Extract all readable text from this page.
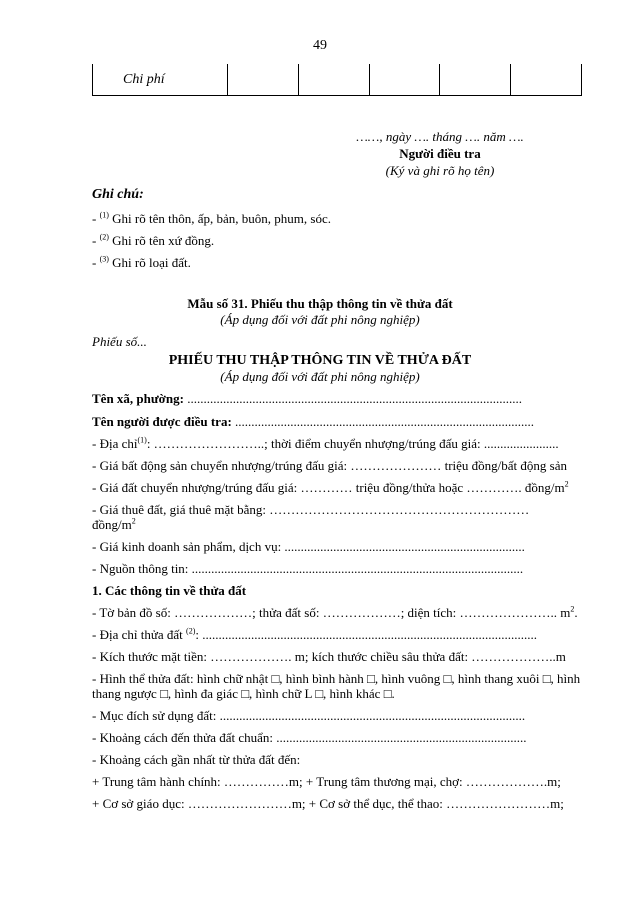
49
Chi phí					
……, ngày …. tháng …. năm ….
Người điều tra
(Ký và ghi rõ họ tên)
Ghi chú:
- $^{(1)}$ Ghi rõ tên thôn, ấp, bản, buôn, phum, sóc.
- $^{(2)}$ Ghi rõ tên xứ đồng.
- $^{(3)}$ Ghi rõ loại đất.
Mẫu số 31. Phiếu thu thập thông tin về thửa đất
(Áp dụng đối với đất phi nông nghiệp)
Phiếu số...
PHIẾU THU THẬP THÔNG TIN VỀ THỬA ĐẤT
(Áp dụng đối với đất phi nông nghiệp)
Tên xã, phường: .......................................................................................................
Tên người được điều tra: ............................................................................................
- Địa chỉ$^{(1)}$: ……………………..; thời điểm chuyển nhượng/trúng đấu giá: .......................
- Giá bất động sản chuyển nhượng/trúng đấu giá: ………………… triệu đồng/bất động sản
- Giá đất chuyển nhượng/trúng đấu giá: ………… triệu đồng/thửa hoặc …………. đồng/$m^2$
- Giá thuê đất, giá thuê mặt bằng: ……………………………………………………
đồng/$m^2$
- Giá kinh doanh sản phẩm, dịch vụ: ..........................................................................
- Nguồn thông tin: ......................................................................................................
1. Các thông tin về thửa đất
- Tờ bản đồ số: ………………; thửa đất số: ………………; diện tích: ………………….. $m^2$.
- Địa chỉ thửa đất $^{(2)}$: .......................................................................................................
- Kích thước mặt tiền: ………………. m; kích thước chiều sâu thửa đất: ………………..m
- Hình thể thửa đất: hình chữ nhật □, hình bình hành □, hình vuông □, hình thang xuôi □, hình
thang ngược □, hình đa giác □, hình chữ L □, hình khác □.
- Mục đích sử dụng đất: ..............................................................................................
- Khoảng cách đến thửa đất chuẩn: .............................................................................
- Khoảng cách gần nhất từ thửa đất đến:
+ Trung tâm hành chính: ……………m; + Trung tâm thương mại, chợ: ……………….m;
+ Cơ sở giáo dục: ……………………m; + Cơ sở thể dục, thể thao: ……………………m;
